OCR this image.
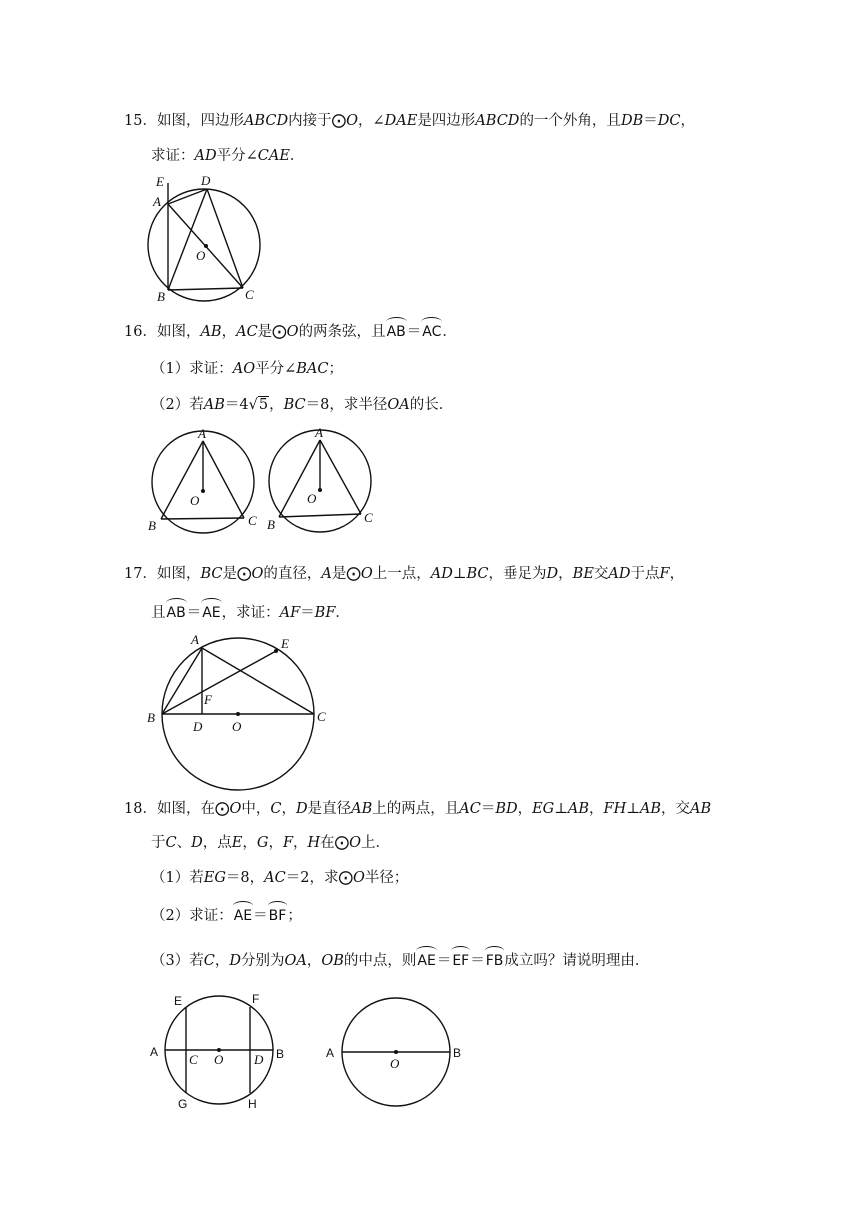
15．如图，四边形ABCD内接于⨀O，∠DAE是四边形ABCD的一个外角，且DB＝DC，
求证：AD平分∠CAE．
E	D
A
O
B	C
16．如图，AB，AC是⨀O的两条弦，且AB＝AC．
（1）求证：AO平分∠BAC；
（2）若AB＝4√5，BC＝8，求半径OA的长．
A
O
B	C
A
O
B	C
17．如图，BC是⨀O的直径，A是⨀O上一点，AD⊥BC，垂足为D，BE交AD于点F，
且AB＝AE，求证：AF＝BF．
A	E
F
B
D O
C
18．如图，在⨀O中，C，D是直径AB上的两点，且AC＝BD，EG⊥AB，FH⊥AB，交AB
于C、D，点E，G，F，H在⨀O上．
（1）若EG＝8，AC＝2，求⨀O半径；
（2）求证：AE＝BF；
（3）若C，D分别为OA，OB的中点，则AE＝EF＝FB成立吗？请说明理由．
E	F
A C O D B
G	H
A
O
B
